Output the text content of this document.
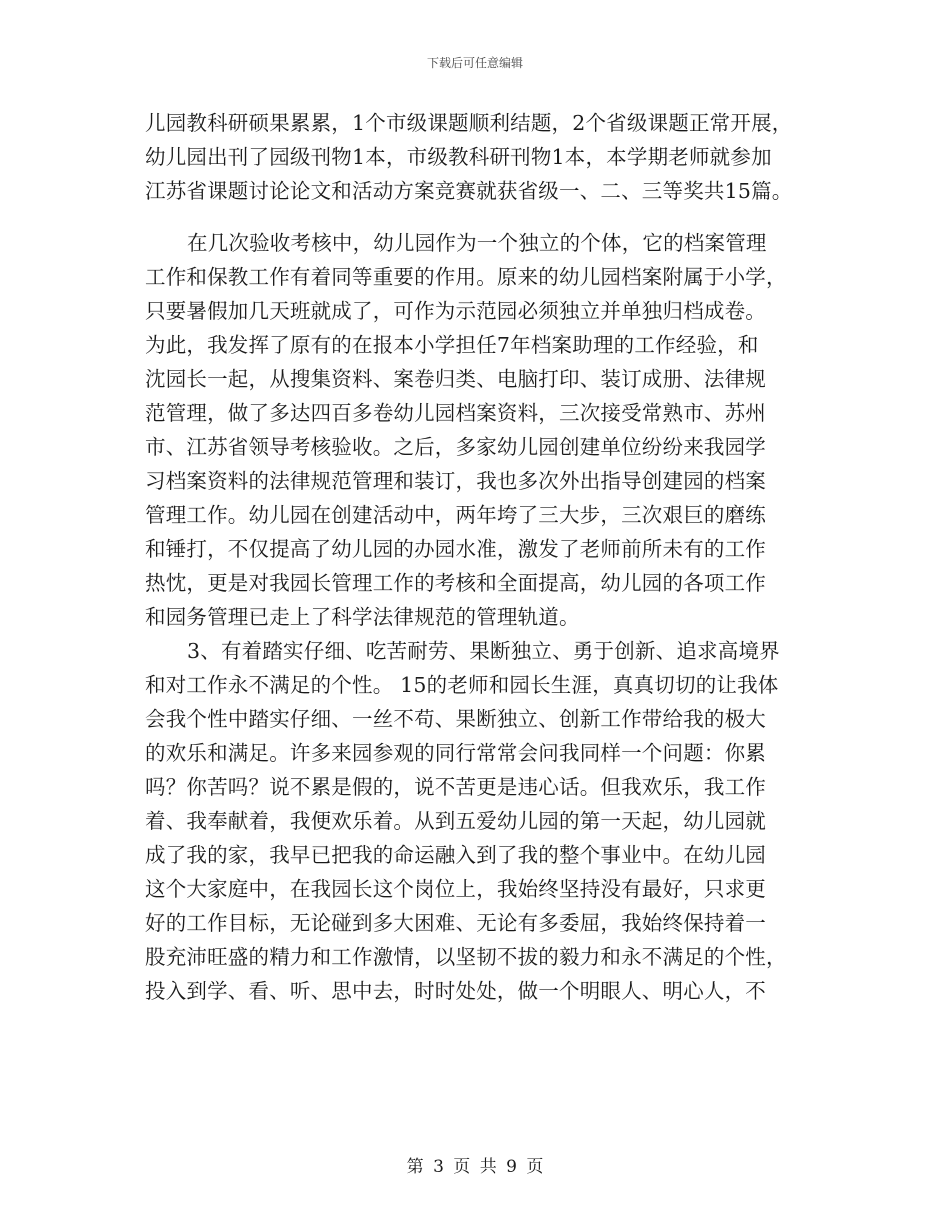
下载后可任意编辑
儿园教科研硕果累累，1个市级课题顺利结题，2个省级课题正常开展，
幼儿园出刊了园级刊物1本，市级教科研刊物1本，本学期老师就参加
江苏省课题讨论论文和活动方案竞赛就获省级一、二、三等奖共15篇。
在几次验收考核中，幼儿园作为一个独立的个体，它的档案管理
工作和保教工作有着同等重要的作用。原来的幼儿园档案附属于小学，
只要暑假加几天班就成了，可作为示范园必须独立并单独归档成卷。
为此，我发挥了原有的在报本小学担任7年档案助理的工作经验，和
沈园长一起，从搜集资料、案卷归类、电脑打印、装订成册、法律规
范管理，做了多达四百多卷幼儿园档案资料，三次接受常熟市、苏州
市、江苏省领导考核验收。之后，多家幼儿园创建单位纷纷来我园学
习档案资料的法律规范管理和装订，我也多次外出指导创建园的档案
管理工作。幼儿园在创建活动中，两年垮了三大步，三次艰巨的磨练
和锤打，不仅提高了幼儿园的办园水准，激发了老师前所未有的工作
热忱，更是对我园长管理工作的考核和全面提高，幼儿园的各项工作
和园务管理已走上了科学法律规范的管理轨道。
3、有着踏实仔细、吃苦耐劳、果断独立、勇于创新、追求高境界
和对工作永不满足的个性。 15的老师和园长生涯，真真切切的让我体
会我个性中踏实仔细、一丝不苟、果断独立、创新工作带给我的极大
的欢乐和满足。许多来园参观的同行常常会问我同样一个问题：你累
吗？你苦吗？说不累是假的，说不苦更是违心话。但我欢乐，我工作
着、我奉献着，我便欢乐着。从到五爱幼儿园的第一天起，幼儿园就
成了我的家，我早已把我的命运融入到了我的整个事业中。在幼儿园
这个大家庭中，在我园长这个岗位上，我始终坚持没有最好，只求更
好的工作目标，无论碰到多大困难、无论有多委屈，我始终保持着一
股充沛旺盛的精力和工作激情，以坚韧不拔的毅力和永不满足的个性，
投入到学、看、听、思中去，时时处处，做一个明眼人、明心人，不
第 3 页 共 9 页
